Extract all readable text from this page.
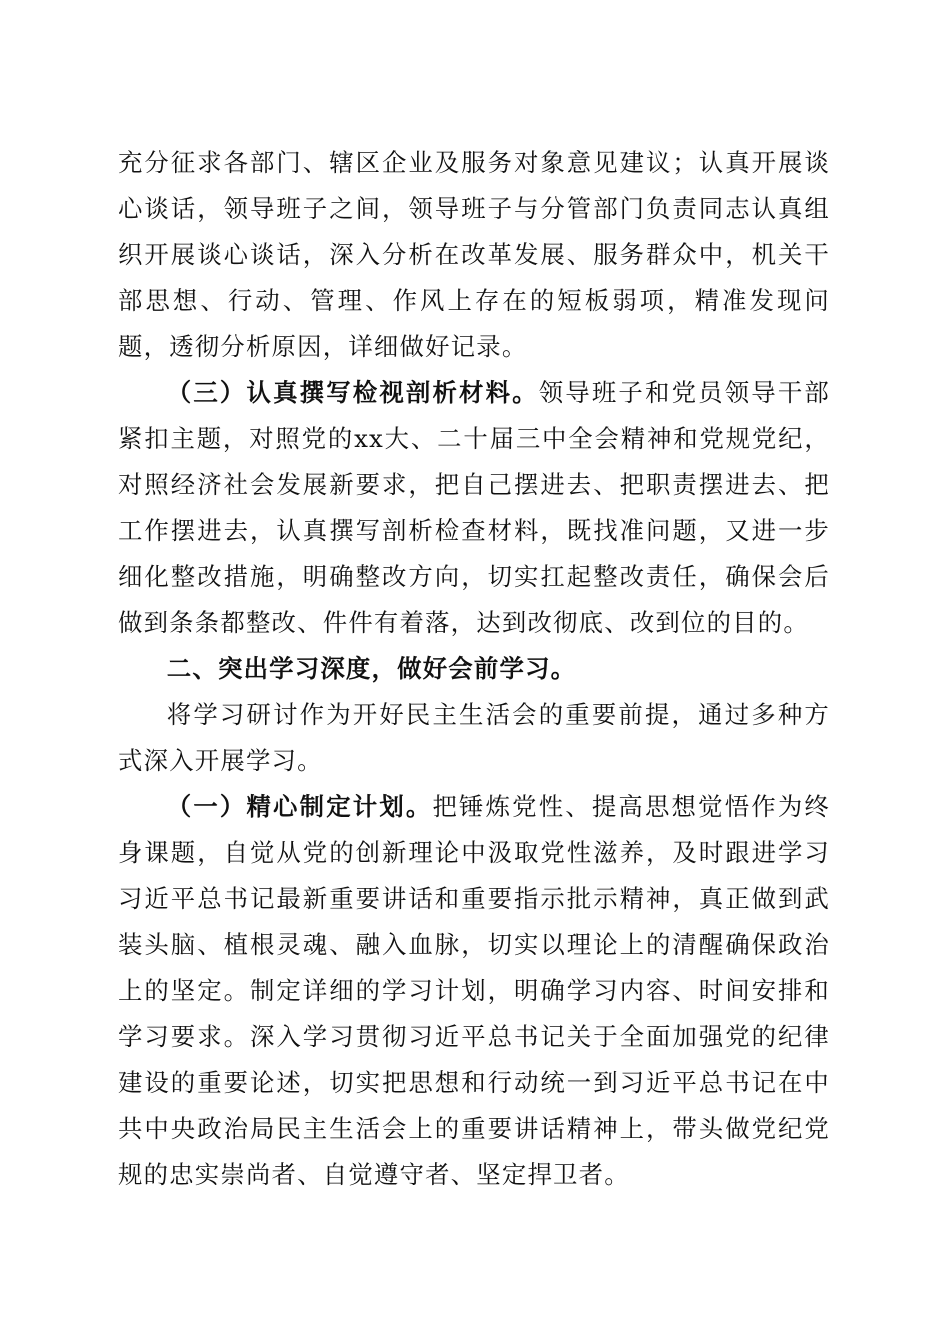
充分征求各部门、辖区企业及服务对象意见建议；认真开展谈心谈话，领导班子之间，领导班子与分管部门负责同志认真组织开展谈心谈话，深入分析在改革发展、服务群众中，机关干部思想、行动、管理、作风上存在的短板弱项，精准发现问题，透彻分析原因，详细做好记录。

（三）认真撰写检视剖析材料。领导班子和党员领导干部紧扣主题，对照党的xx大、二十届三中全会精神和党规党纪，对照经济社会发展新要求，把自己摆进去、把职责摆进去、把工作摆进去，认真撰写剖析检查材料，既找准问题，又进一步细化整改措施，明确整改方向，切实扛起整改责任，确保会后做到条条都整改、件件有着落，达到改彻底、改到位的目的。

二、突出学习深度，做好会前学习。

将学习研讨作为开好民主生活会的重要前提，通过多种方式深入开展学习。

（一）精心制定计划。把锤炼党性、提高思想觉悟作为终身课题，自觉从党的创新理论中汲取党性滋养，及时跟进学习习近平总书记最新重要讲话和重要指示批示精神，真正做到武装头脑、植根灵魂、融入血脉，切实以理论上的清醒确保政治上的坚定。制定详细的学习计划，明确学习内容、时间安排和学习要求。深入学习贯彻习近平总书记关于全面加强党的纪律建设的重要论述，切实把思想和行动统一到习近平总书记在中共中央政治局民主生活会上的重要讲话精神上，带头做党纪党规的忠实崇尚者、自觉遵守者、坚定捍卫者。
